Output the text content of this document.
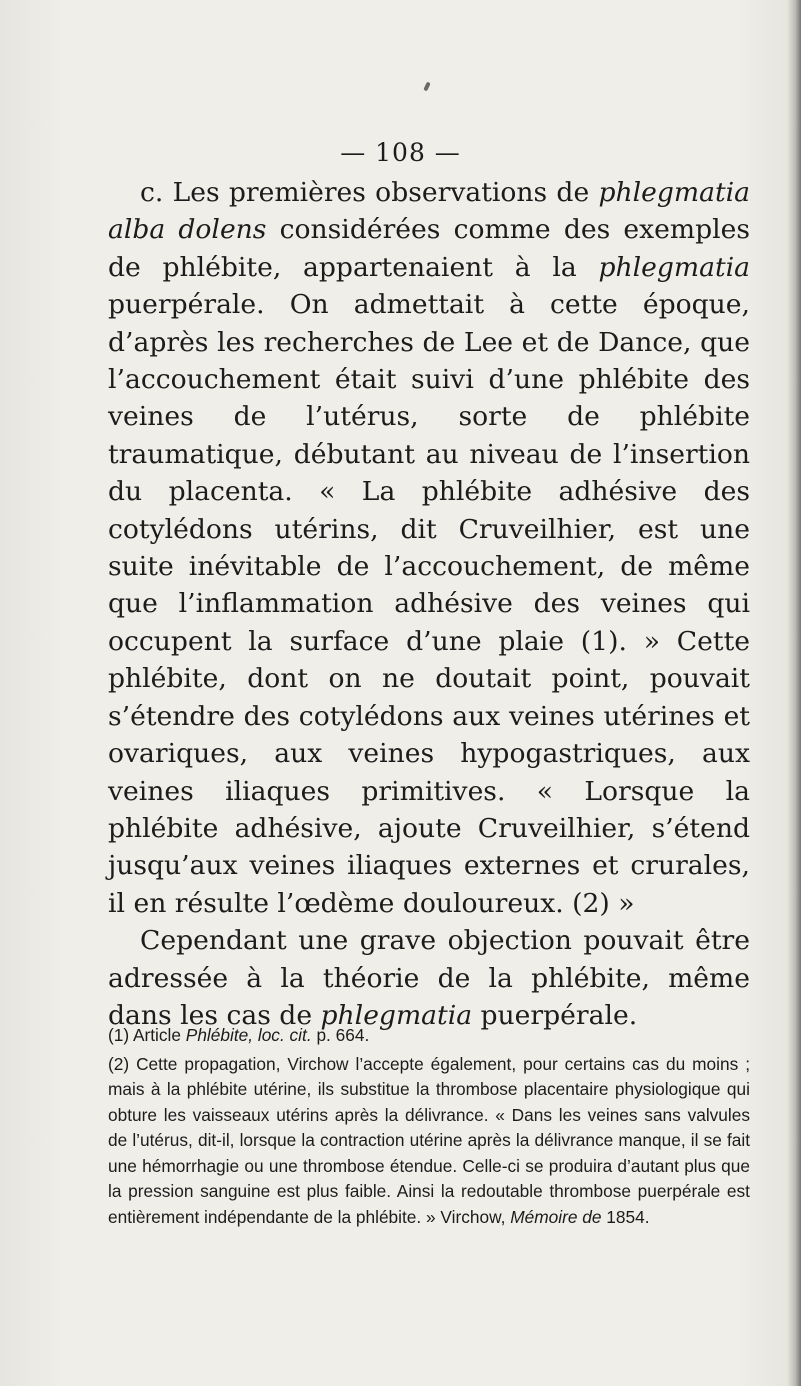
— 108 —

c. Les premières observations de phlegmatia alba dolens considérées comme des exemples de phlébite, appartenaient à la phlegmatia puerpérale. On admettait à cette époque, d’après les recherches de Lee et de Dance, que l’accouchement était suivi d’une phlébite des veines de l’utérus, sorte de phlébite traumatique, débutant au niveau de l’insertion du placenta. « La phlébite adhésive des cotylédons utérins, dit Cruveilhier, est une suite inévitable de l’accouchement, de même que l’inflammation adhésive des veines qui occupent la surface d’une plaie (1). » Cette phlébite, dont on ne doutait point, pouvait s’étendre des cotylédons aux veines utérines et ovariques, aux veines hypogastriques, aux veines iliaques primitives. « Lorsque la phlébite adhésive, ajoute Cruveilhier, s’étend jusqu’aux veines iliaques externes et crurales, il en résulte l’œdème douloureux. (2) »

Cependant une grave objection pouvait être adressée à la théorie de la phlébite, même dans les cas de phlegmatia puerpérale.

(1) Article Phlébite, loc. cit. p. 664.

(2) Cette propagation, Virchow l’accepte également, pour certains cas du moins ; mais à la phlébite utérine, ils substitue la thrombose placentaire physiologique qui obture les vaisseaux utérins après la délivrance. « Dans les veines sans valvules de l’utérus, dit-il, lorsque la contraction utérine après la délivrance manque, il se fait une hémorrhagie ou une thrombose étendue. Celle-ci se produira d’autant plus que la pression sanguine est plus faible. Ainsi la redoutable thrombose puerpérale est entièrement indépendante de la phlébite. » Virchow, Mémoire de 1854.
